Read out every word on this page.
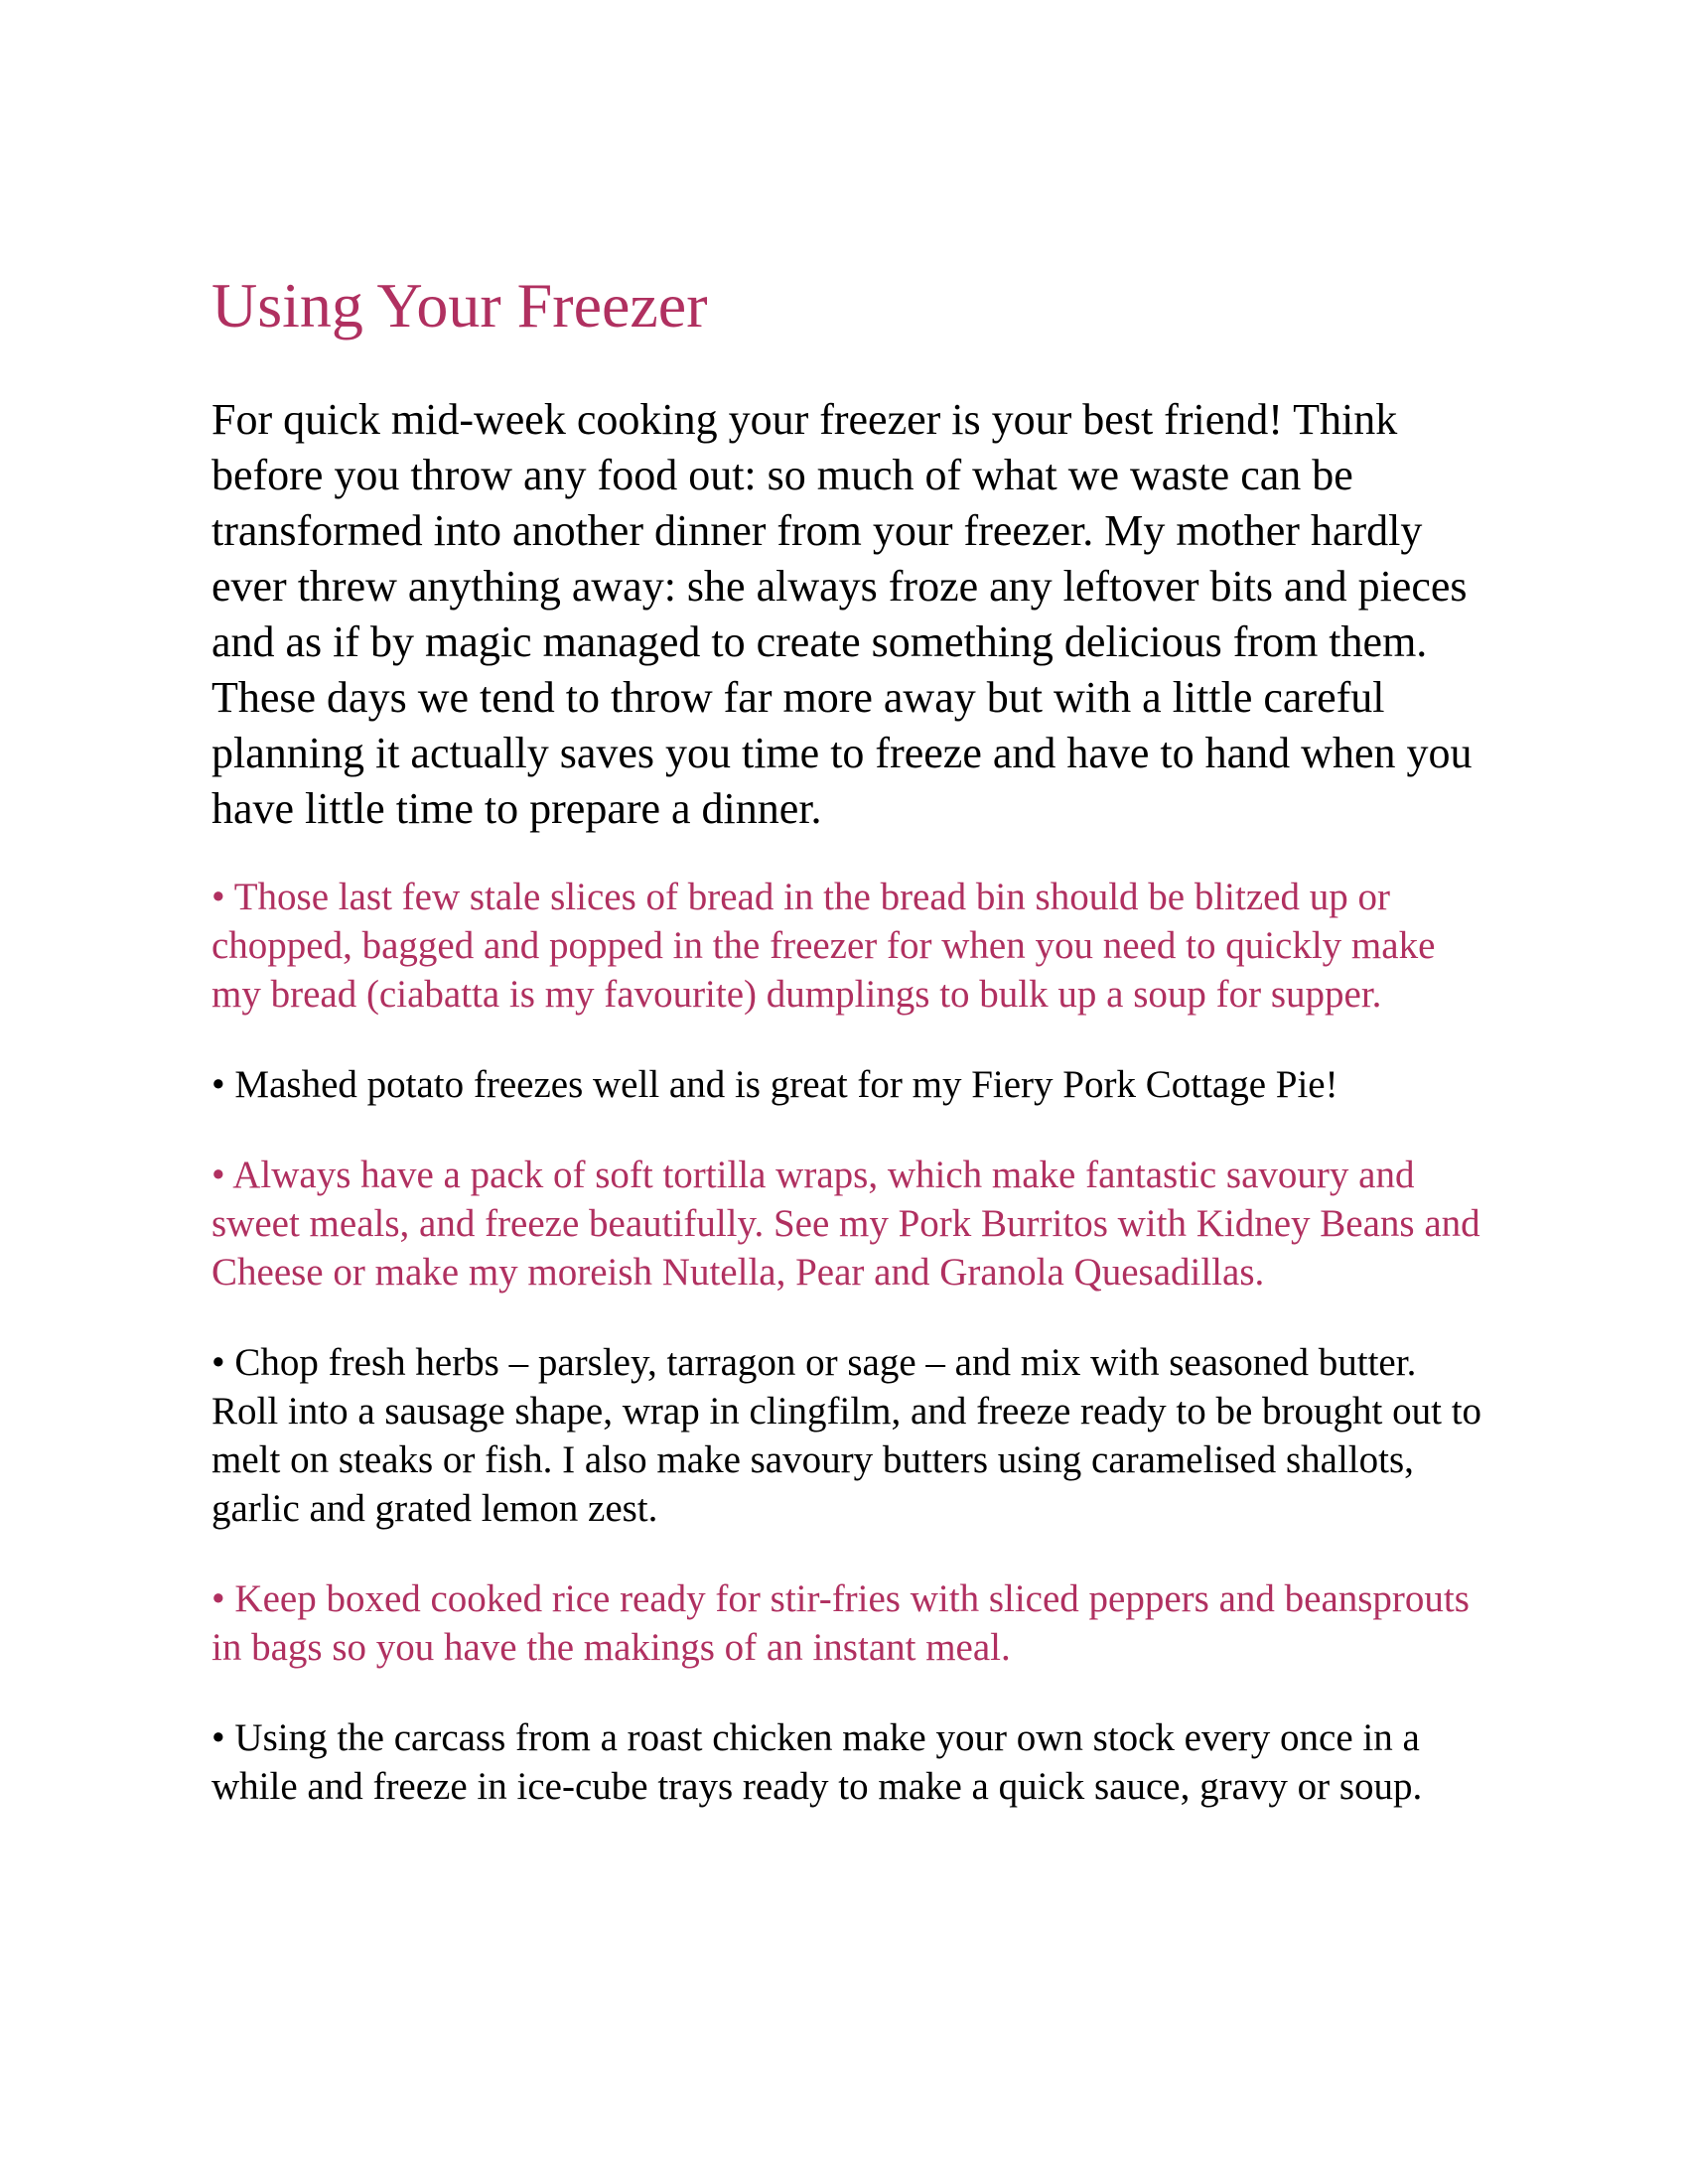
Using Your Freezer

For quick mid-week cooking your freezer is your best friend! Think before you throw any food out: so much of what we waste can be transformed into another dinner from your freezer. My mother hardly ever threw anything away: she always froze any leftover bits and pieces and as if by magic managed to create something delicious from them. These days we tend to throw far more away but with a little careful planning it actually saves you time to freeze and have to hand when you have little time to prepare a dinner.

• Those last few stale slices of bread in the bread bin should be blitzed up or chopped, bagged and popped in the freezer for when you need to quickly make my bread (ciabatta is my favourite) dumplings to bulk up a soup for supper.
• Mashed potato freezes well and is great for my Fiery Pork Cottage Pie!
• Always have a pack of soft tortilla wraps, which make fantastic savoury and sweet meals, and freeze beautifully. See my Pork Burritos with Kidney Beans and Cheese or make my moreish Nutella, Pear and Granola Quesadillas.
• Chop fresh herbs – parsley, tarragon or sage – and mix with seasoned butter. Roll into a sausage shape, wrap in clingfilm, and freeze ready to be brought out to melt on steaks or fish. I also make savoury butters using caramelised shallots, garlic and grated lemon zest.
• Keep boxed cooked rice ready for stir-fries with sliced peppers and beansprouts in bags so you have the makings of an instant meal.
• Using the carcass from a roast chicken make your own stock every once in a while and freeze in ice-cube trays ready to make a quick sauce, gravy or soup.
